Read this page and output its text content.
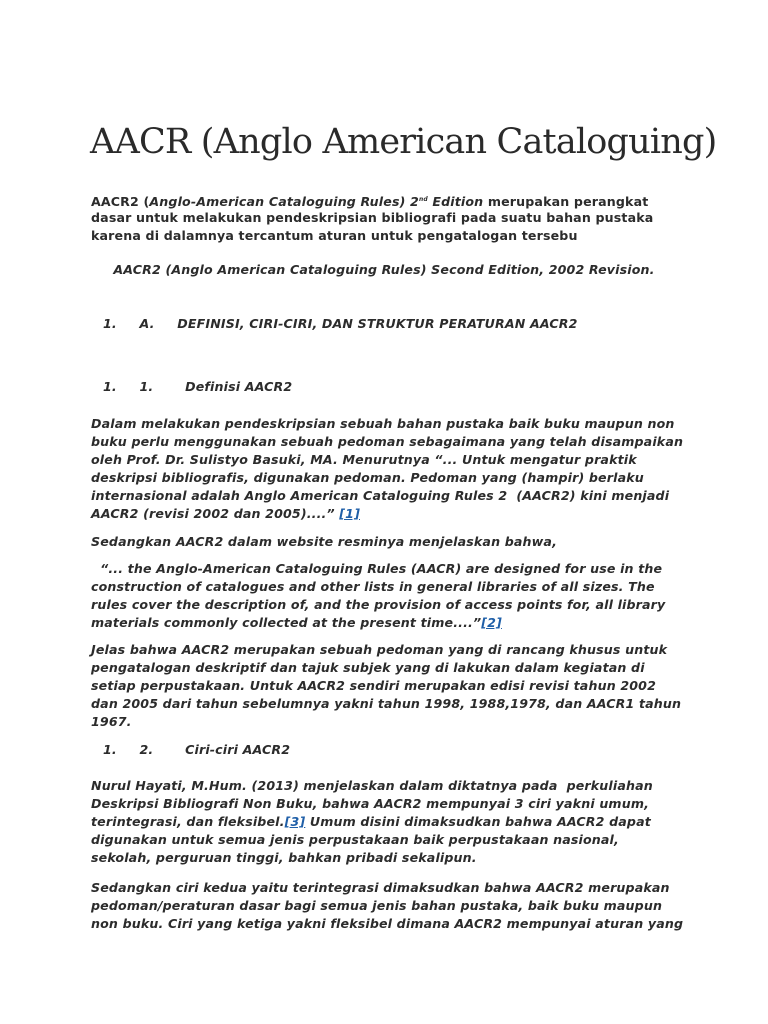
AACR (Anglo American Cataloguing)

AACR2 (Anglo-American Cataloguing Rules) 2nd Edition merupakan perangkat

dasar untuk melakukan pendeskripsian bibliografi pada suatu bahan pustaka

karena di dalamnya tercantum aturan untuk pengatalogan tersebu

AACR2 (Anglo American Cataloguing Rules) Second Edition, 2002 Revision.

1.     A.     DEFINISI, CIRI-CIRI, DAN STRUKTUR PERATURAN AACR2

1.     1.       Definisi AACR2

Dalam melakukan pendeskripsian sebuah bahan pustaka baik buku maupun non

buku perlu menggunakan sebuah pedoman sebagaimana yang telah disampaikan

oleh Prof. Dr. Sulistyo Basuki, MA. Menurutnya “... Untuk mengatur praktik

deskripsi bibliografis, digunakan pedoman. Pedoman yang (hampir) berlaku

internasional adalah Anglo American Cataloguing Rules 2  (AACR2) kini menjadi

AACR2 (revisi 2002 dan 2005)....” [1]

Sedangkan AACR2 dalam website resminya menjelaskan bahwa,

“... the Anglo-American Cataloguing Rules (AACR) are designed for use in the

construction of catalogues and other lists in general libraries of all sizes. The

rules cover the description of, and the provision of access points for, all library

materials commonly collected at the present time....”[2]

Jelas bahwa AACR2 merupakan sebuah pedoman yang di rancang khusus untuk

pengatalogan deskriptif dan tajuk subjek yang di lakukan dalam kegiatan di

setiap perpustakaan. Untuk AACR2 sendiri merupakan edisi revisi tahun 2002

dan 2005 dari tahun sebelumnya yakni tahun 1998, 1988,1978, dan AACR1 tahun

1967.

1.     2.       Ciri-ciri AACR2

Nurul Hayati, M.Hum. (2013) menjelaskan dalam diktatnya pada  perkuliahan

Deskripsi Bibliografi Non Buku, bahwa AACR2 mempunyai 3 ciri yakni umum,

terintegrasi, dan fleksibel.[3] Umum disini dimaksudkan bahwa AACR2 dapat

digunakan untuk semua jenis perpustakaan baik perpustakaan nasional,

sekolah, perguruan tinggi, bahkan pribadi sekalipun.

Sedangkan ciri kedua yaitu terintegrasi dimaksudkan bahwa AACR2 merupakan

pedoman/peraturan dasar bagi semua jenis bahan pustaka, baik buku maupun

non buku. Ciri yang ketiga yakni fleksibel dimana AACR2 mempunyai aturan yang
